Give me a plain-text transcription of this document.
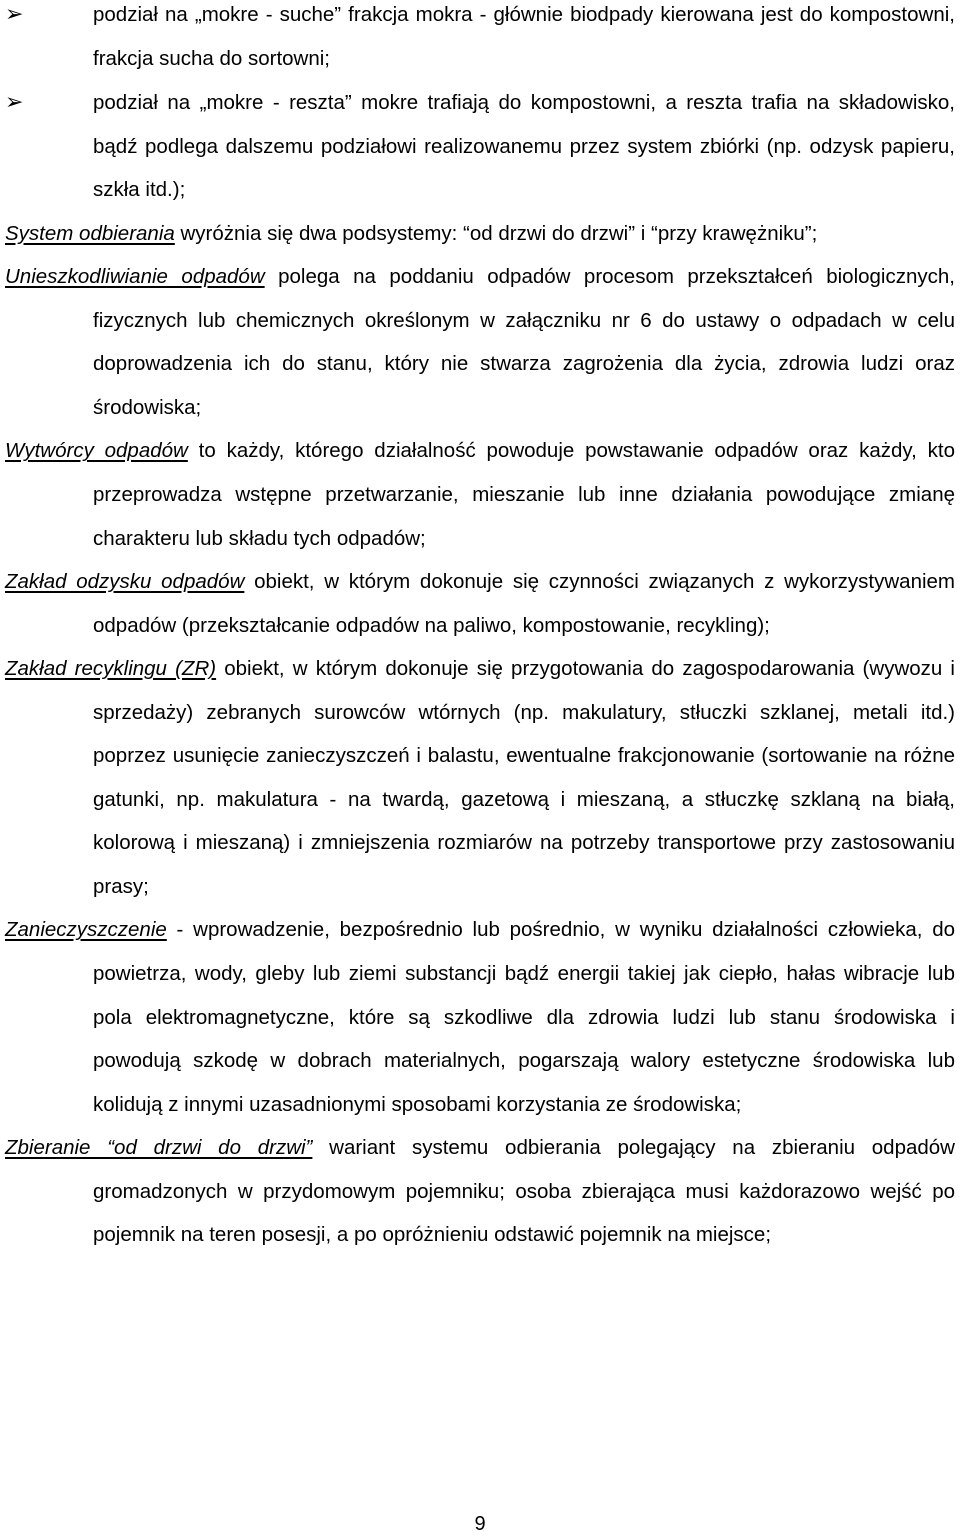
➢	podział na „mokre - suche” frakcja mokra - głównie biodpady kierowana jest do kompostowni, frakcja sucha do sortowni;

➢	podział na „mokre - reszta” mokre trafiają do kompostowni, a reszta trafia na składowisko, bądź podlega dalszemu podziałowi realizowanemu przez system zbiórki (np. odzysk papieru, szkła itd.);

System odbierania wyróżnia się dwa podsystemy: “od drzwi do drzwi” i “przy krawężniku”;

Unieszkodliwianie odpadów polega na poddaniu odpadów procesom przekształceń biologicznych, fizycznych lub chemicznych określonym w załączniku nr 6 do ustawy o odpadach w celu doprowadzenia ich do stanu, który nie stwarza zagrożenia dla życia, zdrowia ludzi oraz środowiska;

Wytwórcy odpadów to każdy, którego działalność powoduje powstawanie odpadów oraz każdy, kto przeprowadza wstępne przetwarzanie, mieszanie lub inne działania powodujące zmianę charakteru lub składu tych odpadów;

Zakład odzysku odpadów obiekt, w którym dokonuje się czynności związanych z wykorzystywaniem odpadów (przekształcanie odpadów na paliwo, kompostowanie, recykling);

Zakład recyklingu (ZR) obiekt, w którym dokonuje się przygotowania do zagospodarowania (wywozu i sprzedaży) zebranych surowców wtórnych (np. makulatury, stłuczki szklanej, metali itd.) poprzez usunięcie zanieczyszczeń i balastu, ewentualne frakcjonowanie (sortowanie na różne gatunki, np. makulatura - na twardą, gazetową i mieszaną, a stłuczkę szklaną na białą, kolorową i mieszaną) i zmniejszenia rozmiarów na potrzeby transportowe przy zastosowaniu prasy;

Zanieczyszczenie - wprowadzenie, bezpośrednio lub pośrednio, w wyniku działalności człowieka, do powietrza, wody, gleby lub ziemi substancji bądź energii takiej jak ciepło, hałas wibracje lub pola elektromagnetyczne, które są szkodliwe dla zdrowia ludzi lub stanu środowiska i powodują szkodę w dobrach materialnych, pogarszają walory estetyczne środowiska lub kolidują z innymi uzasadnionymi sposobami korzystania ze środowiska;

Zbieranie “od drzwi do drzwi” wariant systemu odbierania polegający na zbieraniu odpadów gromadzonych w przydomowym pojemniku; osoba zbierająca musi każdorazowo wejść po pojemnik na teren posesji, a po opróżnieniu odstawić pojemnik na miejsce;

9
